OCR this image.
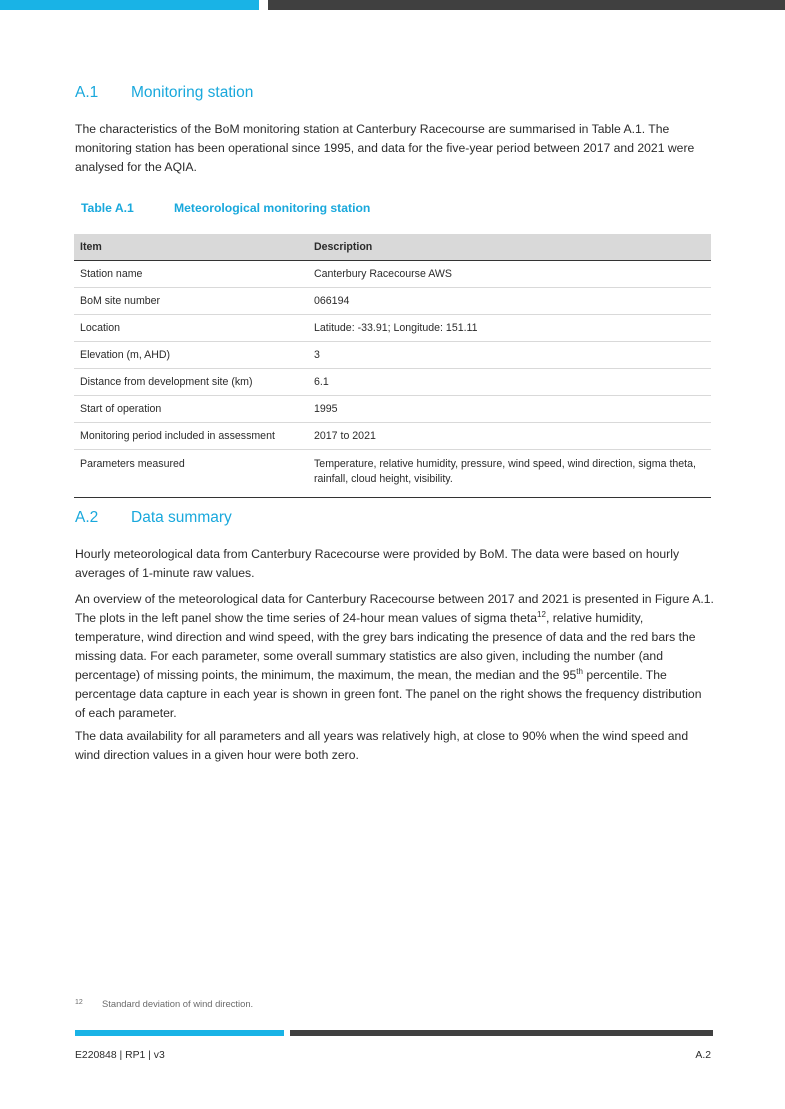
A.1 Monitoring station
The characteristics of the BoM monitoring station at Canterbury Racecourse are summarised in Table A.1. The monitoring station has been operational since 1995, and data for the five-year period between 2017 and 2021 were analysed for the AQIA.
Table A.1	Meteorological monitoring station
Item	Description
Station name	Canterbury Racecourse AWS
BoM site number	066194
Location	Latitude: -33.91; Longitude: 151.11
Elevation (m, AHD)	3
Distance from development site (km)	6.1
Start of operation	1995
Monitoring period included in assessment	2017 to 2021
Parameters measured	Temperature, relative humidity, pressure, wind speed, wind direction, sigma theta, rainfall, cloud height, visibility.
A.2 Data summary
Hourly meteorological data from Canterbury Racecourse were provided by BoM. The data were based on hourly averages of 1-minute raw values.
An overview of the meteorological data for Canterbury Racecourse between 2017 and 2021 is presented in Figure A.1. The plots in the left panel show the time series of 24-hour mean values of sigma theta$^{12}$, relative humidity, temperature, wind direction and wind speed, with the grey bars indicating the presence of data and the red bars the missing data. For each parameter, some overall summary statistics are also given, including the number (and percentage) of missing points, the minimum, the maximum, the mean, the median and the 95th percentile. The percentage data capture in each year is shown in green font. The panel on the right shows the frequency distribution of each parameter.
The data availability for all parameters and all years was relatively high, at close to 90% when the wind speed and wind direction values in a given hour were both zero.
12 Standard deviation of wind direction.
E220848 | RP1 | v3	A.2
